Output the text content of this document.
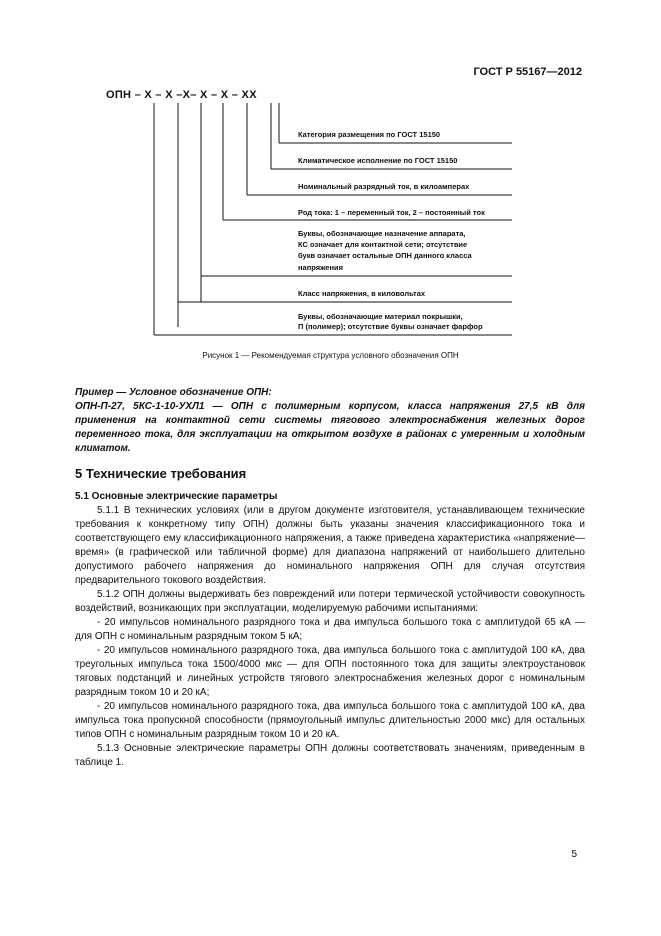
ГОСТ Р 55167—2012
ОПН – Х – Х –Х– Х – Х – ХХ
Категория размещения по ГОСТ 15150
Климатическое исполнение по ГОСТ 15150
Номинальный разрядный ток, в килоамперах
Род тока: 1 – переменный ток, 2 – постоянный ток
Буквы, обозначающие назначение аппарата,
КС означает для контактной сети; отсутствие
букв означает остальные ОПН данного класса
напряжения
Класс напряжения, в киловольтах
Буквы, обозначающие материал покрышки,
П (полимер); отсутствие буквы означает фарфор
Рисунок 1 — Рекомендуемая структура условного обозначения ОПН
Пример — Условное обозначение ОПН:
ОПН-П-27, 5КС-1-10-УХЛ1 — ОПН с полимерным корпусом, класса напряжения 27,5 кВ для применения на контактной сети системы тягового электроснабжения железных дорог переменного тока, для эксплуатации на открытом воздухе в районах с умеренным и холодным климатом.
5 Технические требования
5.1 Основные электрические параметры

5.1.1 В технических условиях (или в другом документе изготовителя, устанавливающем технические требования к конкретному типу ОПН) должны быть указаны значения классификационного тока и соответствующего ему классификационного напряжения, а также приведена характеристика «напряжение—время» (в графической или табличной форме) для диапазона напряжений от наибольшего длительно допустимого рабочего напряжения до номинального напряжения ОПН для случая отсутствия предварительного токового воздействия.

5.1.2 ОПН должны выдерживать без повреждений или потери термической устойчивости совокупность воздействий, возникающих при эксплуатации, моделируемую рабочими испытаниями:

- 20 импульсов номинального разрядного тока и два импульса большого тока с амплитудой 65 кА — для ОПН с номинальным разрядным током 5 кА;

- 20 импульсов номинального разрядного тока, два импульса большого тока с амплитудой 100 кА, два треугольных импульса тока 1500/4000 мкс — для ОПН постоянного тока для защиты электроустановок тяговых подстанций и линейных устройств тягового электроснабжения железных дорог с номинальным разрядным током 10 и 20 кА;

- 20 импульсов номинального разрядного тока, два импульса большого тока с амплитудой 100 кА, два импульса тока пропускной способности (прямоугольный импульс длительностью 2000 мкс) для остальных типов ОПН с номинальным разрядным током 10 и 20 кА.

5.1.3 Основные электрические параметры ОПН должны соответствовать значениям, приведенным в таблице 1.

5
